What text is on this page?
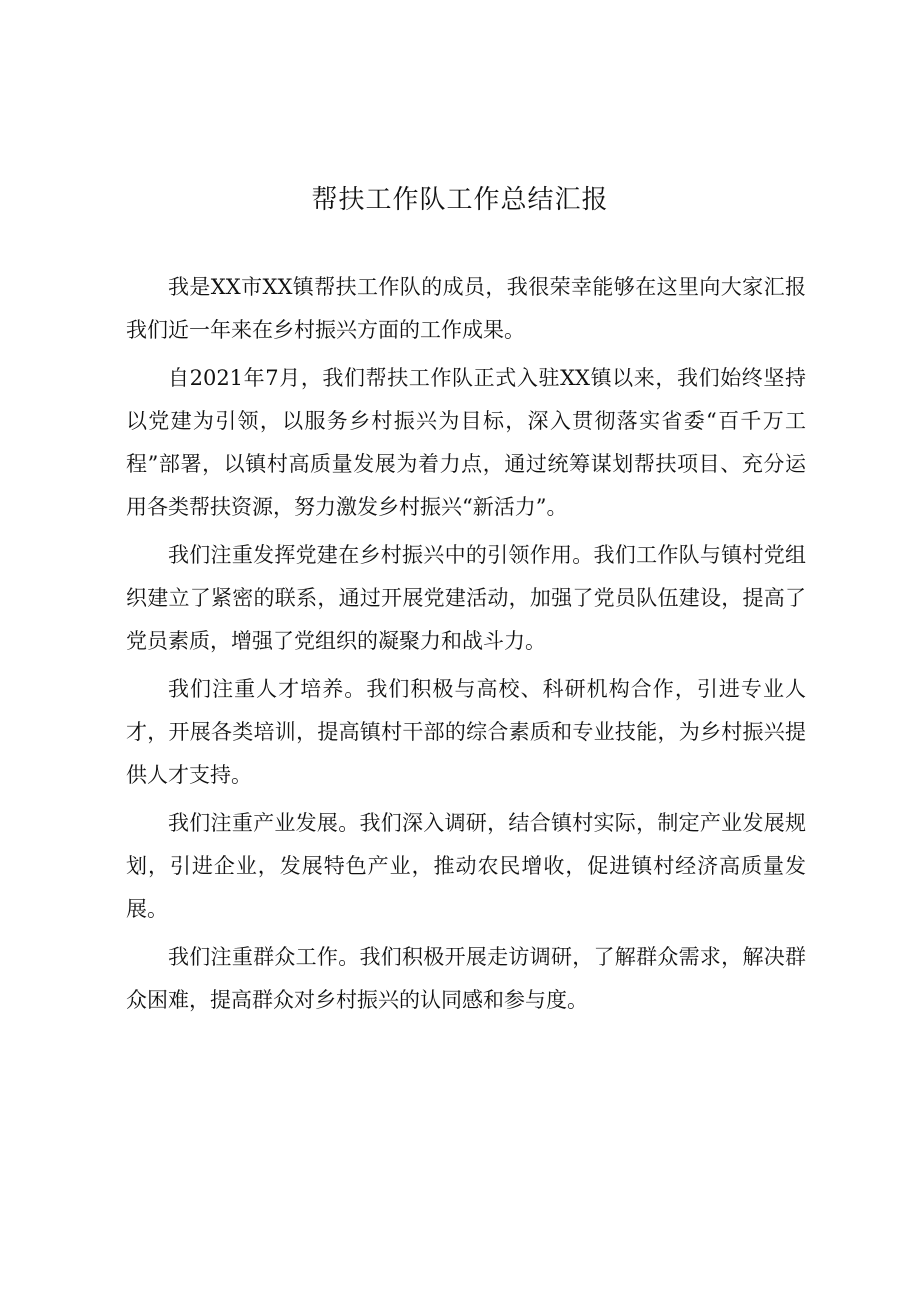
帮扶工作队工作总结汇报

我是XX市XX镇帮扶工作队的成员，我很荣幸能够在这里向大家汇报我们近一年来在乡村振兴方面的工作成果。

自2021年7月，我们帮扶工作队正式入驻XX镇以来，我们始终坚持以党建为引领，以服务乡村振兴为目标，深入贯彻落实省委“百千万工程”部署，以镇村高质量发展为着力点，通过统筹谋划帮扶项目、充分运用各类帮扶资源，努力激发乡村振兴“新活力”。

我们注重发挥党建在乡村振兴中的引领作用。我们工作队与镇村党组织建立了紧密的联系，通过开展党建活动，加强了党员队伍建设，提高了党员素质，增强了党组织的凝聚力和战斗力。

我们注重人才培养。我们积极与高校、科研机构合作，引进专业人才，开展各类培训，提高镇村干部的综合素质和专业技能，为乡村振兴提供人才支持。

我们注重产业发展。我们深入调研，结合镇村实际，制定产业发展规划，引进企业，发展特色产业，推动农民增收，促进镇村经济高质量发展。

我们注重群众工作。我们积极开展走访调研，了解群众需求，解决群众困难，提高群众对乡村振兴的认同感和参与度。
